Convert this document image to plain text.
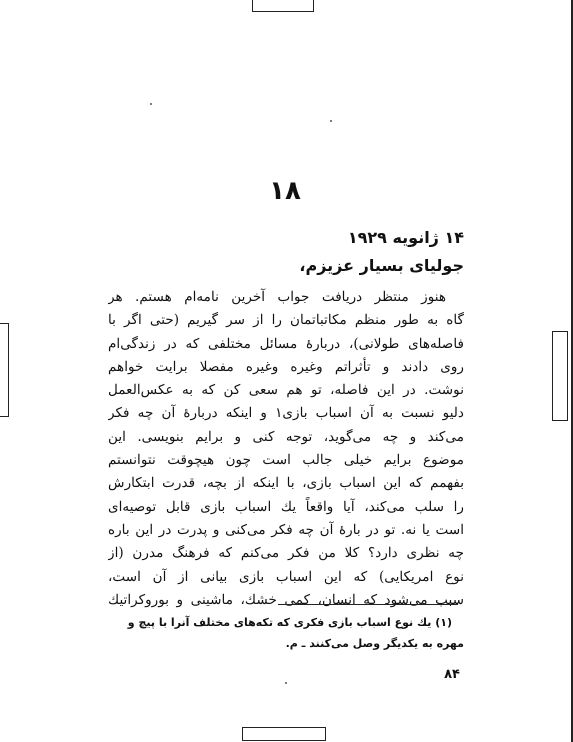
۱۸
۱۴ ژانویه ۱۹۲۹
جولیای بسیار عزیزم،
هنوز منتظر دریافت جواب آخرین نامه‌ام هستم. هر
گاه به طور منظم مکاتباتمان را از سر گیریم (حتی اگر با
فاصله‌های طولانی)، دربارهٔ مسائل مختلفی که در زندگی‌ام
روی دادند و تأثراتم وغیره وغیره مفصلا برایت خواهم
نوشت. در این فاصله، تو هم سعی کن که به عکس‌العمل
دلیو نسبت به آن اسباب بازی۱ و اینکه دربارهٔ آن چه فکر
می‌کند و چه می‌گوید، توجه کنی و برایم بنویسی. این
موضوع برایم خیلی جالب است چون هیچوقت نتوانستم
بفهمم که این اسباب بازی، با اینکه از بچه، قدرت ابتکارش
را سلب می‌کند، آیا واقعاً یك اسباب بازی قابل توصیه‌ای
است یا نه. تو در بارهٔ آن چه فکر می‌کنی و پدرت در این باره
چه نظری دارد؟ کلا من فکر می‌کنم که فرهنگ مدرن (از
نوع امریکایی) که این اسباب بازی بیانی از آن است،
سبب می‌شود که انسان، کمی خشك، ماشینی و بوروکراتیك
(۱) یك نوع اسباب بازی فکری که تکه‌های مختلف آنرا با پیچ و
مهره به یکدیگر وصل می‌کنند ـ م.
۸۴
